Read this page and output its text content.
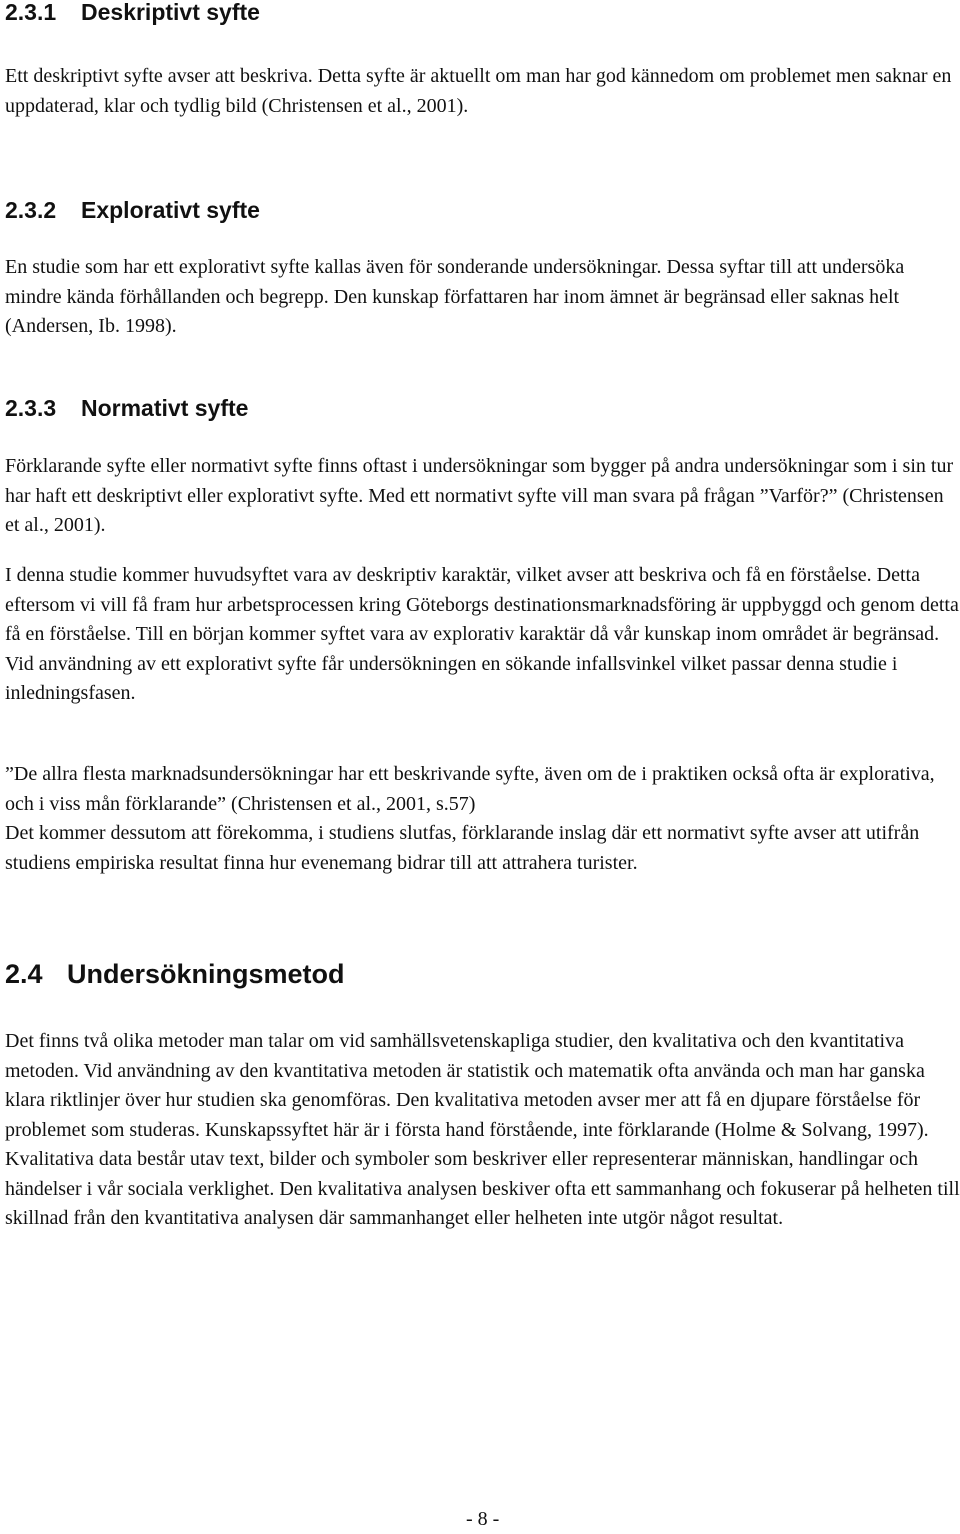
2.3.1 Deskriptivt syfte

Ett deskriptivt syfte avser att beskriva. Detta syfte är aktuellt om man har god kännedom om problemet men saknar en uppdaterad, klar och tydlig bild (Christensen et al., 2001).

2.3.2 Explorativt syfte

En studie som har ett explorativt syfte kallas även för sonderande undersökningar. Dessa syftar till att undersöka mindre kända förhållanden och begrepp. Den kunskap författaren har inom ämnet är begränsad eller saknas helt (Andersen, Ib. 1998).

2.3.3 Normativt syfte

Förklarande syfte eller normativt syfte finns oftast i undersökningar som bygger på andra undersökningar som i sin tur har haft ett deskriptivt eller explorativt syfte. Med ett normativt syfte vill man svara på frågan ”Varför?” (Christensen et al., 2001).

I denna studie kommer huvudsyftet vara av deskriptiv karaktär, vilket avser att beskriva och få en förståelse. Detta eftersom vi vill få fram hur arbetsprocessen kring Göteborgs destinationsmarknadsföring är uppbyggd och genom detta få en förståelse. Till en början kommer syftet vara av explorativ karaktär då vår kunskap inom området är begränsad. Vid användning av ett explorativt syfte får undersökningen en sökande infallsvinkel vilket passar denna studie i inledningsfasen.

”De allra flesta marknadsundersökningar har ett beskrivande syfte, även om de i praktiken också ofta är explorativa, och i viss mån förklarande” (Christensen et al., 2001, s.57)

Det kommer dessutom att förekomma, i studiens slutfas, förklarande inslag där ett normativt syfte avser att utifrån studiens empiriska resultat finna hur evenemang bidrar till att attrahera turister.

2.4 Undersökningsmetod

Det finns två olika metoder man talar om vid samhällsvetenskapliga studier, den kvalitativa och den kvantitativa metoden. Vid användning av den kvantitativa metoden är statistik och matematik ofta använda och man har ganska klara riktlinjer över hur studien ska genomföras. Den kvalitativa metoden avser mer att få en djupare förståelse för problemet som studeras. Kunskapssyftet här är i första hand förstående, inte förklarande (Holme & Solvang, 1997). Kvalitativa data består utav text, bilder och symboler som beskriver eller representerar människan, handlingar och händelser i vår sociala verklighet. Den kvalitativa analysen beskiver ofta ett sammanhang och fokuserar på helheten till skillnad från den kvantitativa analysen där sammanhanget eller helheten inte utgör något resultat.

- 8 -
